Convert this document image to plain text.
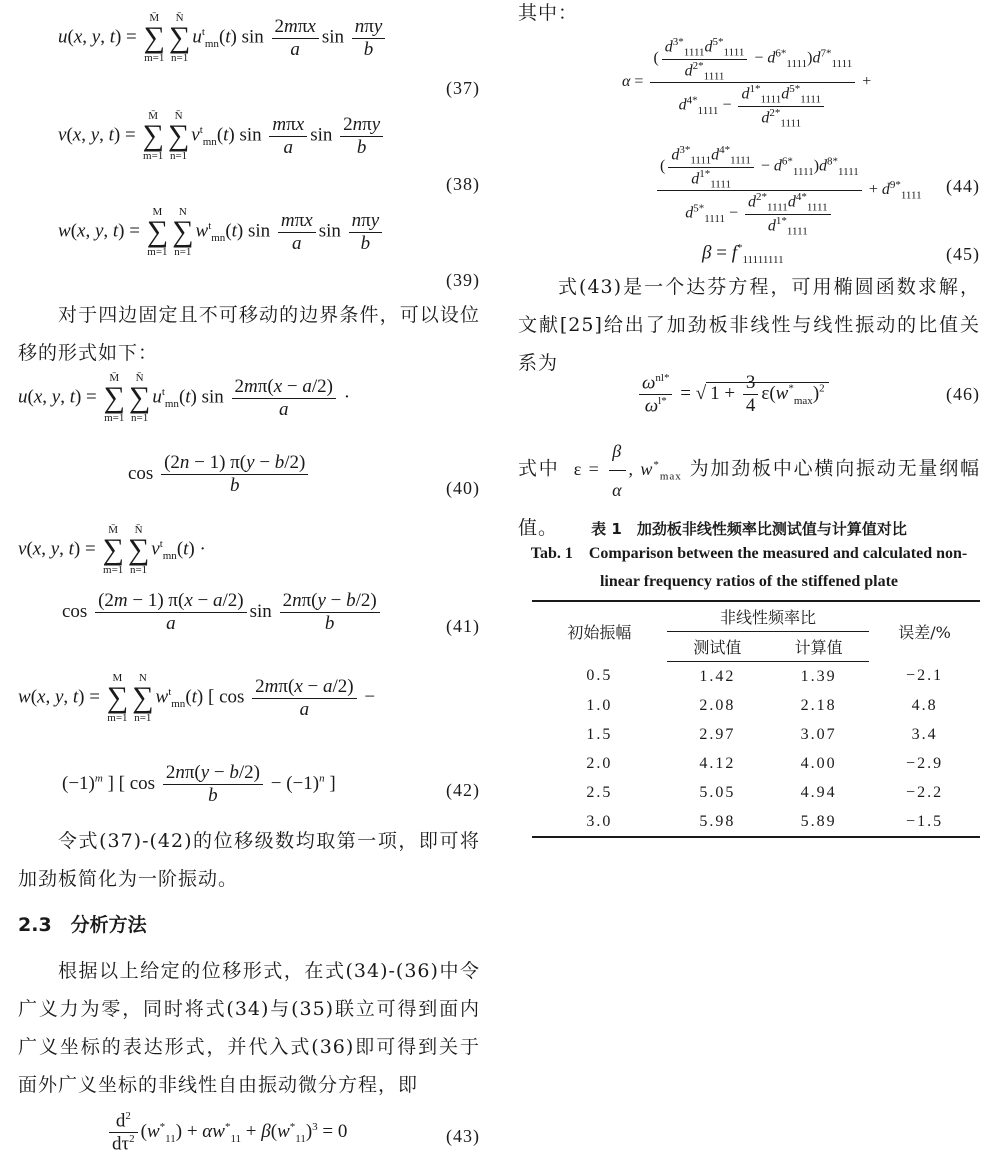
u(x, y, t) = M̄
∑
m=1N̄
∑
$n=1u^t_{mn}(t)$ $\sin \frac{\text{2mπx}}{a}$ $\sin \frac{\text{nπy}}{b}$
(37)
v(x, y, t) = M̄
∑
m=1N̄
∑
$n=1v^t_{mn}(t)$ $\sin \frac{\text{mπx}}{a}$ $\sin \frac{\text{2nπy}}{b}$
(38)
w(x, y, t) = M
∑
m=1N
∑
$n=1w^t_{mn}(t)$ $\sin \frac{\text{mπx}}{a}$ $\sin \frac{\text{nπy}}{b}$
(39)
对于四边固定且不可移动的边界条件，可以设位移的形式如下：
u(x, y, t) = M̄
∑
m=1N̄
∑
$n=1u^t_{mn}(t)$ $\sin \frac{2m\pi(x - a/2)}{a}$ ·
$\cos \frac{(2n - 1) \pi(y - b/2)}{b}$	(40)
v(x, y, t) = M̄
∑
m=1N̄
∑
$n=1v^t_{mn}(t)$ ·
$\cos \frac{(2m - 1) \pi(x - a/2)}{a}$ $\sin \frac{2n\pi(y - b/2)}{b}$	(41)
w(x, y, t) = M
∑
m=1N
∑
$n=1w^t_{mn}(t)$ [ $\cos \frac{2m\pi(x - a/2)}{a}$ −
$(-1)^m$ ] [ $\cos \frac{2n\pi(y - b/2)}{b} - (-1)^n$ ]	(42)
令式(37)-(42)的位移级数均取第一项，即可将加劲板简化为一阶振动。
2.3　分析方法
根据以上给定的位移形式，在式(34)-(36)中令广义力为零，同时将式(34)与(35)联立可得到面内广义坐标的表达形式，并代入式(36)即可得到关于面外广义坐标的非线性自由振动微分方程，即
$\frac{d^2}{d\tau^2} (w^*_{11}) + \alpha w^*_{11} + \beta(w^*_{11})^3 = 0$	(43)
其中：
$\alpha = \frac{( \frac{d^{3*}_{1111}d^{5*}_{1111}}{d^{2*}_{1111}} - d^{6*}_{1111})d^{7*}_{1111}}{d^{4*}_{1111} - \frac{d^{1*}_{1111}d^{5*}_{1111}}{d^{2*}_{1111}}}$ +
$\frac{( \frac{d^{3*}_{1111}d^{4*}_{1111}}{d^{1*}_{1111}} - d^{6*}_{1111})d^{8*}_{1111}}{d^{5*}_{1111} - \frac{d^{2*}_{1111}d^{4*}_{1111}}{d^{1*}_{1111}}} + d^{9*}_{1111}$ (44)
$\beta = f^*_{11111111}$	(45)
式(43)是一个达芬方程，可用椭圆函数求解，文献[25]给出了加劲板非线性与线性振动的比值关系为
$\frac{\omega^{nl*}}{\omega^{l*}}$ = √ $1 + \frac{3}{4} \varepsilon(w^*_{max})^2$	(46)
式中  $\varepsilon = \frac{\beta}{\alpha}$ , $w^*_{max}$ 为加劲板中心横向振动无量纲幅值。	表 1　加劲板非线性频率比测试值与计算值对比
Tab. 1　Comparison between the measured and calculated non-linear frequency ratios of the stiffened plate
初始振幅	非线性频率比		误差/%
	测试值	计算值	
0.5	1.42	1.39	−2.1
1.0	2.08	2.18	4.8
1.5	2.97	3.07	3.4
2.0	4.12	4.00	−2.9
2.5	5.05	4.94	−2.2
3.0	5.98	5.89	−1.5
